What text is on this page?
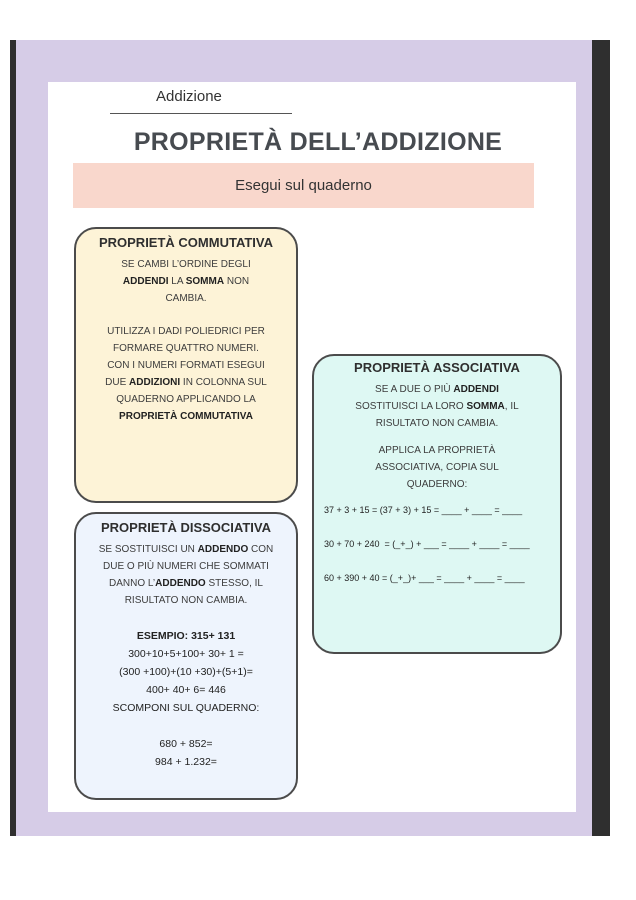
Addizione
PROPRIETÀ DELL’ADDIZIONE
Esegui sul quaderno
PROPRIETÀ COMMUTATIVA
SE CAMBI L’ORDINE DEGLI
ADDENDI LA SOMMA NON
CAMBIA.
UTILIZZA I DADI POLIEDRICI PER
FORMARE QUATTRO NUMERI.
CON I NUMERI FORMATI ESEGUI
DUE ADDIZIONI IN COLONNA SUL
QUADERNO APPLICANDO LA
PROPRIETÀ COMMUTATIVA
PROPRIETÀ ASSOCIATIVA
SE A DUE O PIÙ ADDENDI
SOSTITUISCI LA LORO SOMMA, IL
RISULTATO NON CAMBIA.
APPLICA LA PROPRIETÀ
ASSOCIATIVA, COPIA SUL
QUADERNO:
37 + 3 + 15 = (37 + 3) + 15 = ____ + ____ = ____
30 + 70 + 240  = (_+_) + ___ = ____ + ____ = ____
60 + 390 + 40 = (_+_)+ ___ = ____ + ____ = ____
PROPRIETÀ DISSOCIATIVA
SE SOSTITUISCI UN ADDENDO CON
DUE O PIÙ NUMERI CHE SOMMATI
DANNO L’ADDENDO STESSO, IL
RISULTATO NON CAMBIA.
ESEMPIO: 315+ 131
300+10+5+100+ 30+ 1 =
(300 +100)+(10 +30)+(5+1)=
400+ 40+ 6= 446
SCOMPONI SUL QUADERNO:
680 + 852=
984 + 1.232=
